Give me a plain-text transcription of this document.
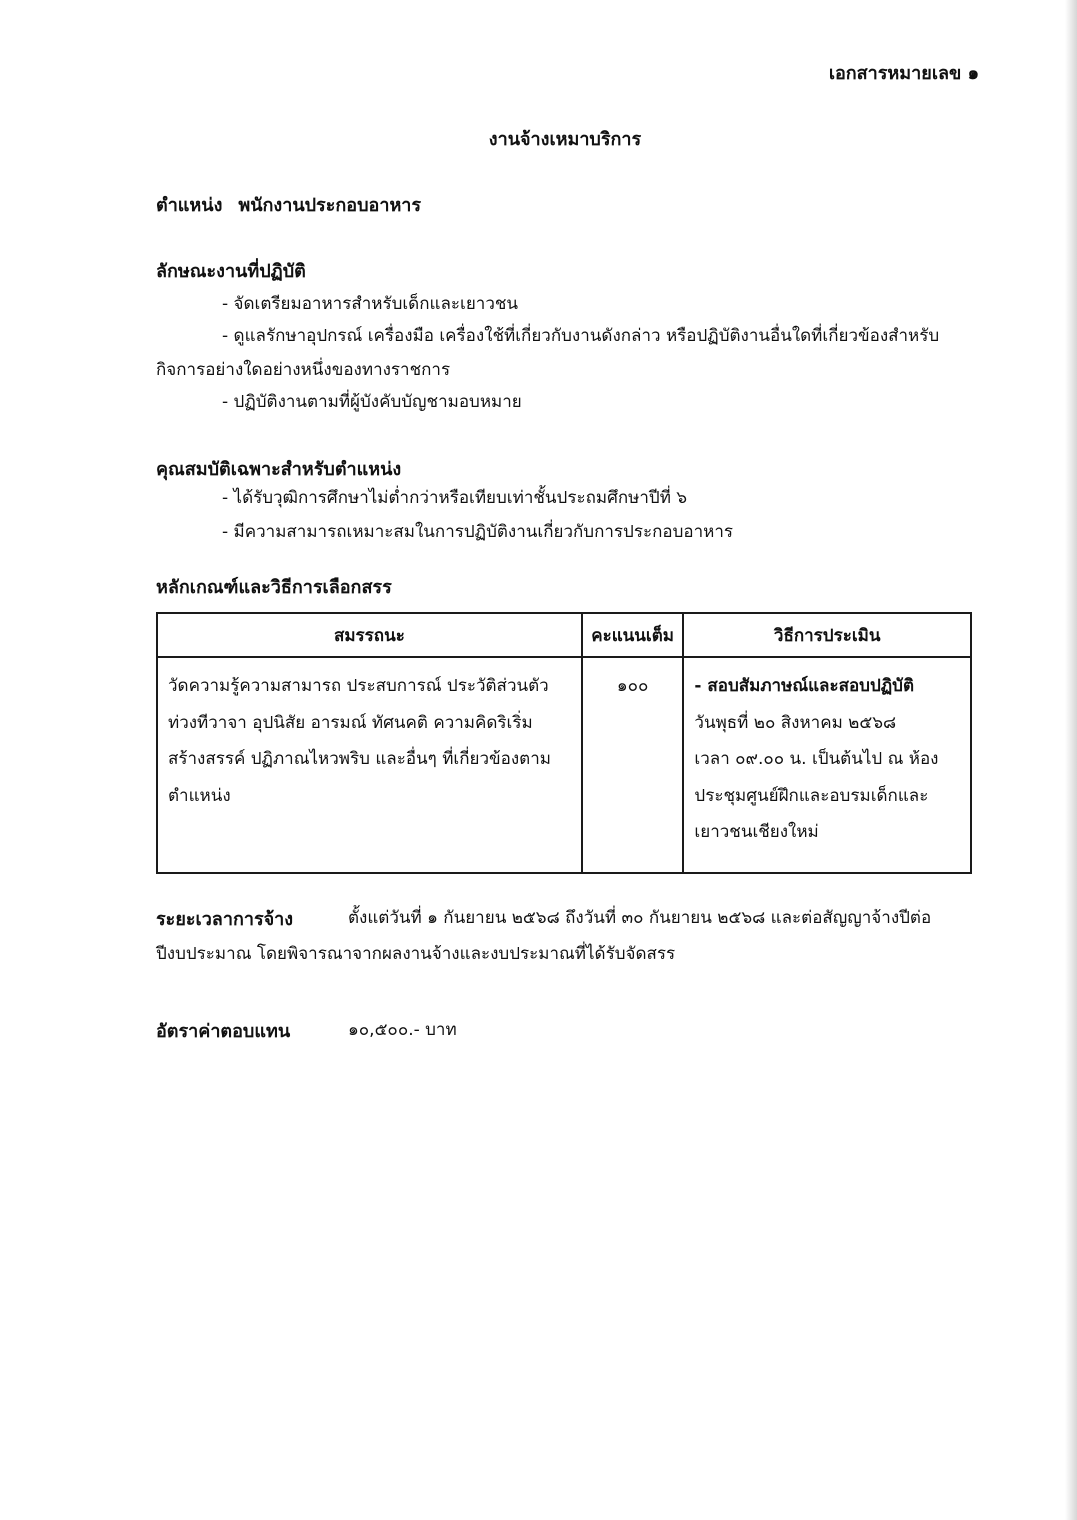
เอกสารหมายเลข ๑
งานจ้างเหมาบริการ
ตำแหน่ง พนักงานประกอบอาหาร
ลักษณะงานที่ปฏิบัติ
- จัดเตรียมอาหารสำหรับเด็กและเยาวชน
- ดูแลรักษาอุปกรณ์ เครื่องมือ เครื่องใช้ที่เกี่ยวกับงานดังกล่าว หรือปฏิบัติงานอื่นใดที่เกี่ยวข้องสำหรับ
กิจการอย่างใดอย่างหนึ่งของทางราชการ
- ปฏิบัติงานตามที่ผู้บังคับบัญชามอบหมาย
คุณสมบัติเฉพาะสำหรับตำแหน่ง
- ได้รับวุฒิการศึกษาไม่ต่ำกว่าหรือเทียบเท่าชั้นประถมศึกษาปีที่ ๖
- มีความสามารถเหมาะสมในการปฏิบัติงานเกี่ยวกับการประกอบอาหาร
หลักเกณฑ์และวิธีการเลือกสรร
สมรรถนะ	คะแนนเต็ม	วิธีการประเมิน

วัดความรู้ความสามารถ ประสบการณ์ ประวัติส่วนตัว
ท่วงทีวาจา อุปนิสัย อารมณ์ ทัศนคติ ความคิดริเริ่ม
สร้างสรรค์ ปฏิภาณไหวพริบ และอื่นๆ ที่เกี่ยวข้องตาม
ตำแหน่ง	๑๐๐	- สอบสัมภาษณ์และสอบปฏิบัติ
วันพุธที่ ๒๐ สิงหาคม ๒๕๖๘
เวลา ๐๙.๐๐ น. เป็นต้นไป ณ ห้อง
ประชุมศูนย์ฝึกและอบรมเด็กและ
เยาวชนเชียงใหม่
ระยะเวลาการจ้าง	ตั้งแต่วันที่ ๑ กันยายน ๒๕๖๘ ถึงวันที่ ๓๐ กันยายน ๒๕๖๘ และต่อสัญญาจ้างปีต่อ
ปีงบประมาณ โดยพิจารณาจากผลงานจ้างและงบประมาณที่ได้รับจัดสรร
อัตราค่าตอบแทน	๑๐,๕๐๐.- บาท
